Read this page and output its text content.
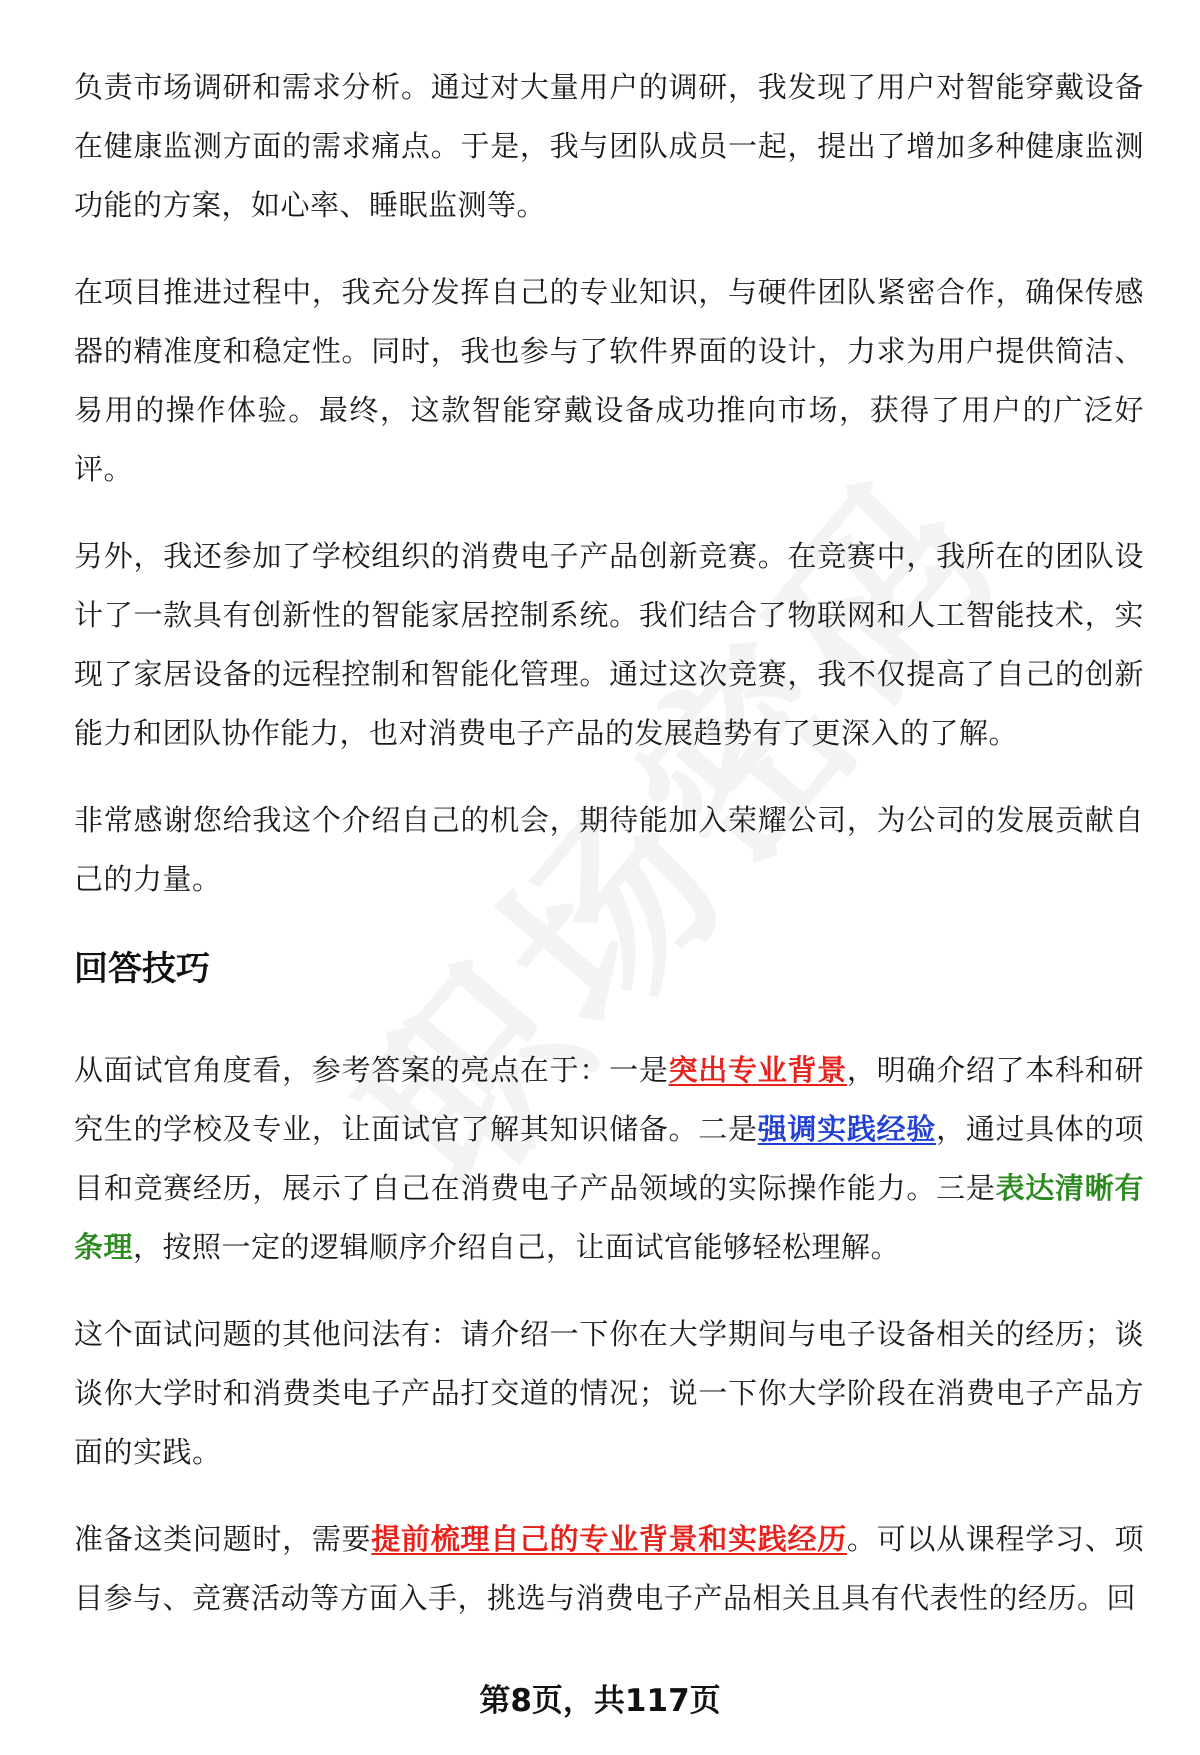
负责市场调研和需求分析。通过对大量用户的调研，我发现了用户对智能穿戴设备在健康监测方面的需求痛点。于是，我与团队成员一起，提出了增加多种健康监测功能的方案，如心率、睡眠监测等。

在项目推进过程中，我充分发挥自己的专业知识，与硬件团队紧密合作，确保传感器的精准度和稳定性。同时，我也参与了软件界面的设计，力求为用户提供简洁、易用的操作体验。最终，这款智能穿戴设备成功推向市场，获得了用户的广泛好评。

另外，我还参加了学校组织的消费电子产品创新竞赛。在竞赛中，我所在的团队设计了一款具有创新性的智能家居控制系统。我们结合了物联网和人工智能技术，实现了家居设备的远程控制和智能化管理。通过这次竞赛，我不仅提高了自己的创新能力和团队协作能力，也对消费电子产品的发展趋势有了更深入的了解。

非常感谢您给我这个介绍自己的机会，期待能加入荣耀公司，为公司的发展贡献自己的力量。

回答技巧

从面试官角度看，参考答案的亮点在于：一是突出专业背景，明确介绍了本科和研究生的学校及专业，让面试官了解其知识储备。二是强调实践经验，通过具体的项目和竞赛经历，展示了自己在消费电子产品领域的实际操作能力。三是表达清晰有条理，按照一定的逻辑顺序介绍自己，让面试官能够轻松理解。

这个面试问题的其他问法有：请介绍一下你在大学期间与电子设备相关的经历；谈谈你大学时和消费类电子产品打交道的情况；说一下你大学阶段在消费电子产品方面的实践。

准备这类问题时，需要提前梳理自己的专业背景和实践经历。可以从课程学习、项目参与、竞赛活动等方面入手，挑选与消费电子产品相关且具有代表性的经历。回

第8页，共117页
